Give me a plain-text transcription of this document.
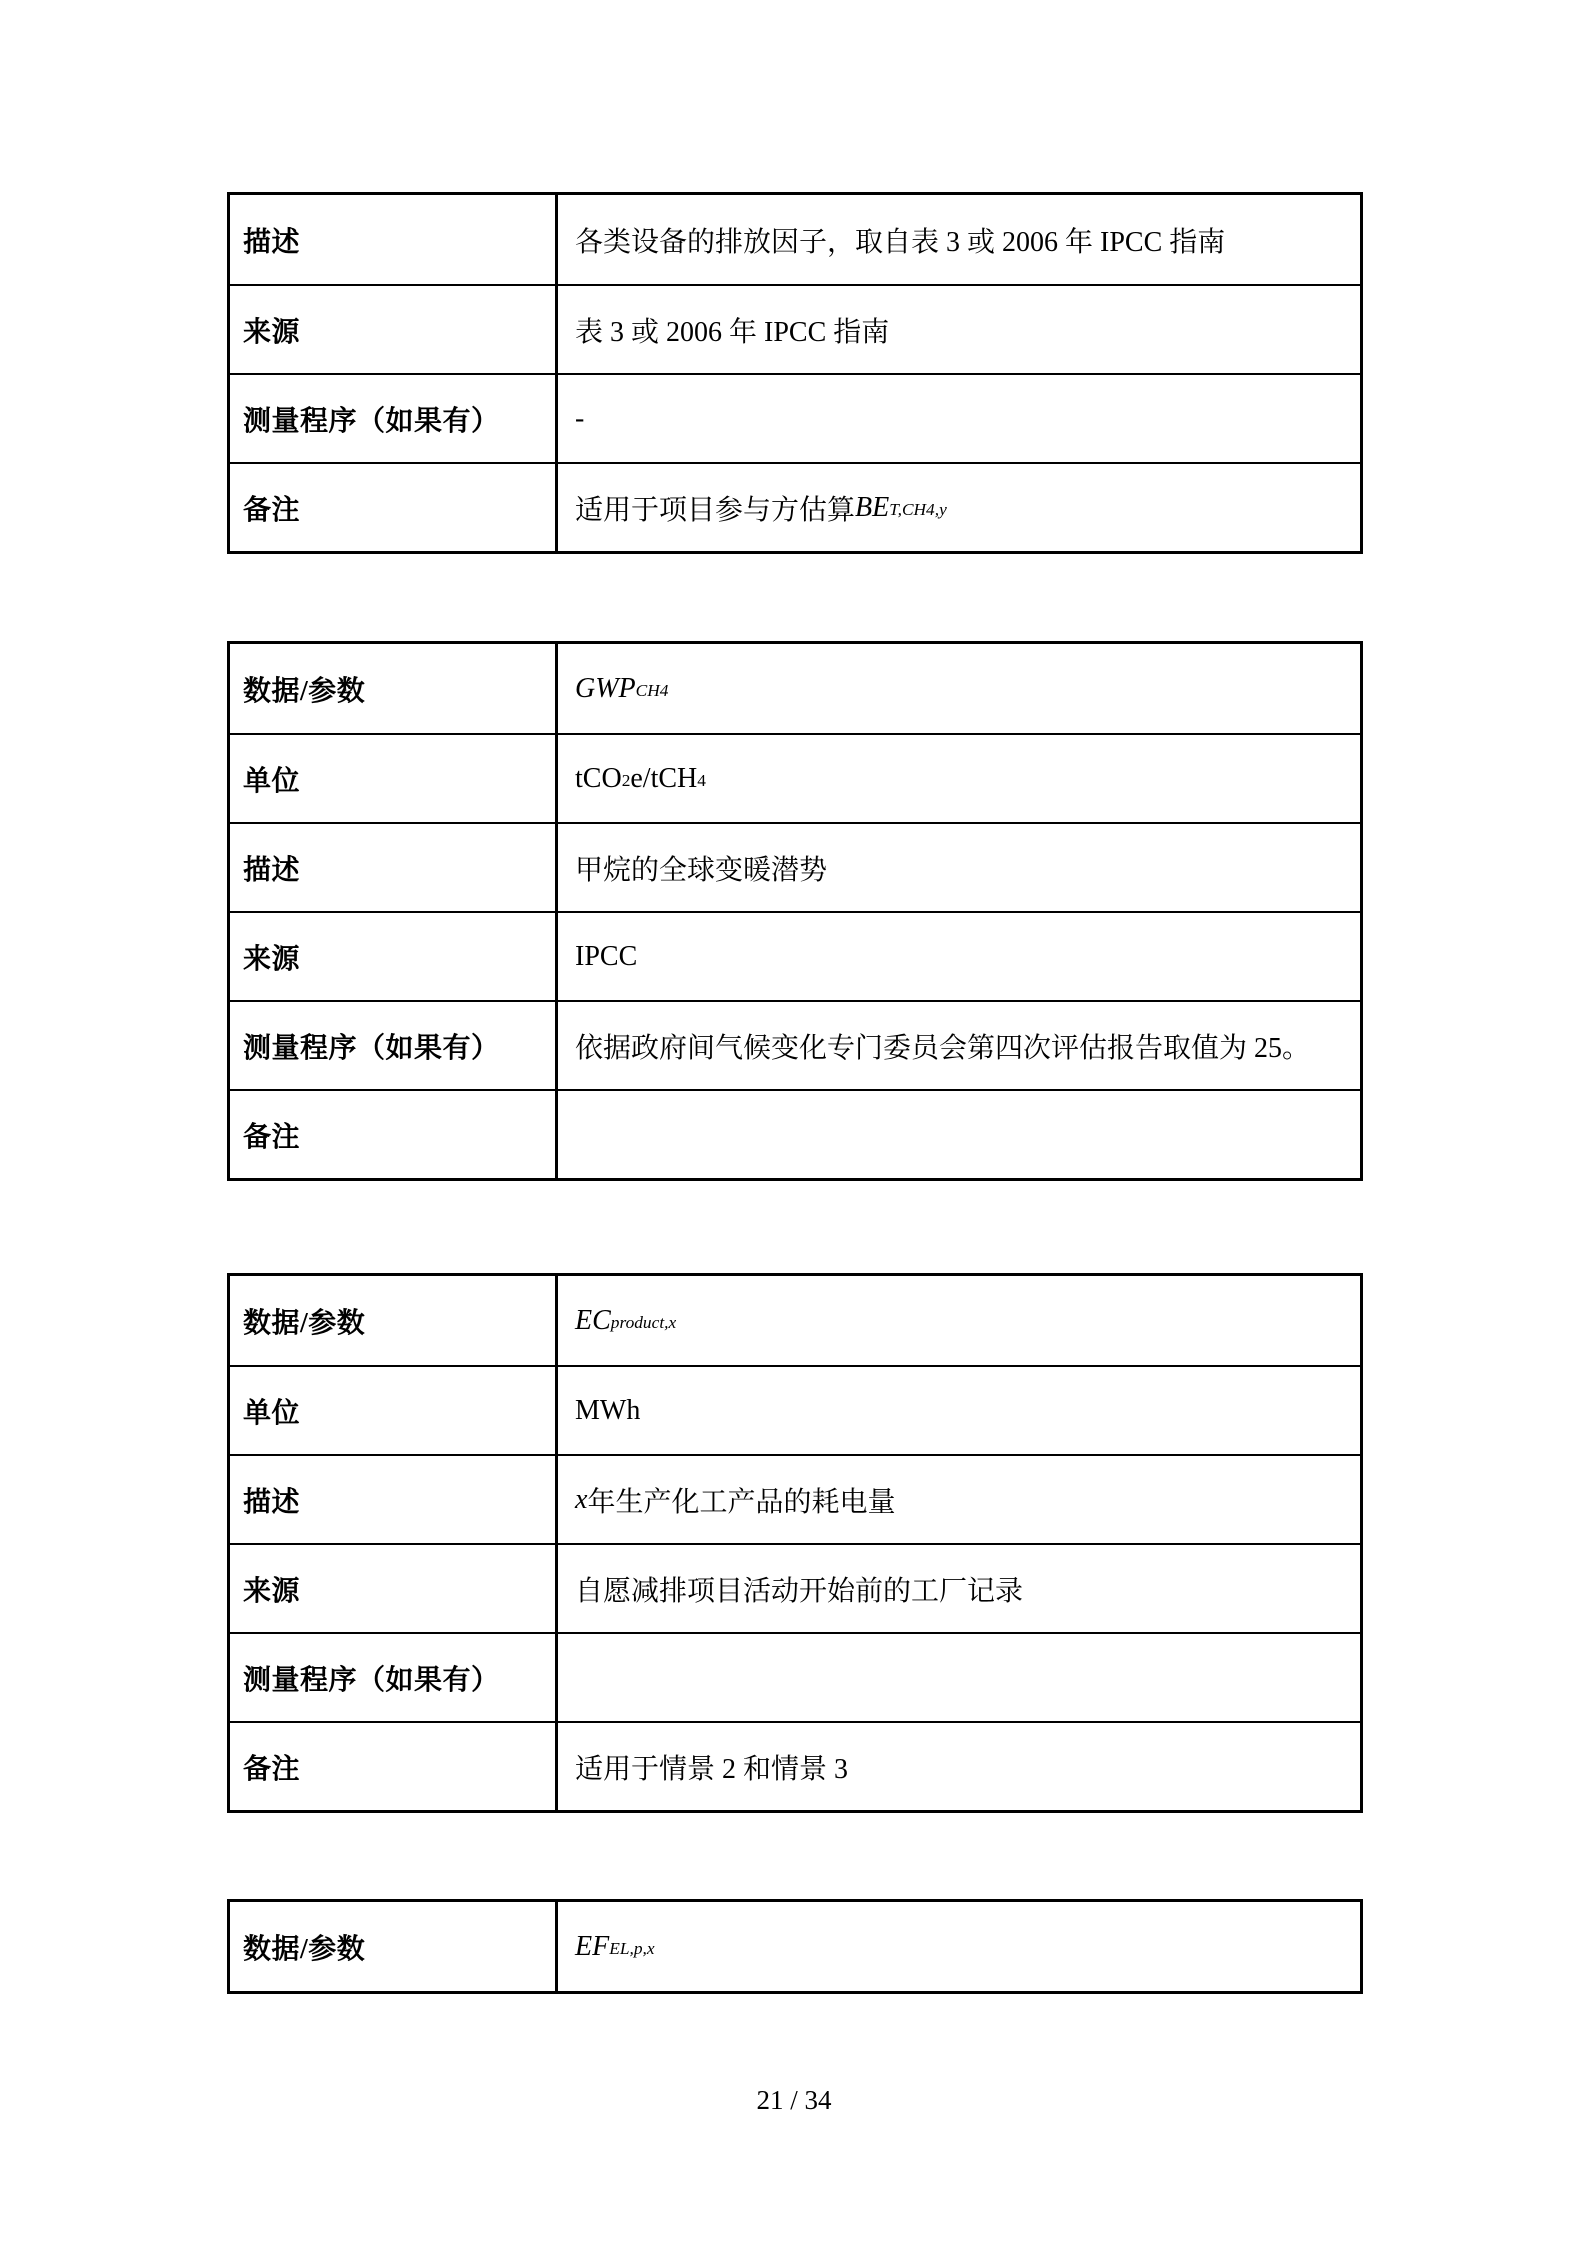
描述	各类设备的排放因子，取自表 3 或 2006 年 IPCC 指南
来源	表 3 或 2006 年 IPCC 指南
测量程序（如果有）	-
备注	适用于项目参与方估算 BE T,CH4,y
数据/参数	GWP CH4
单位	tCO 2 e/tCH 4
描述	甲烷的全球变暖潜势
来源	IPCC
测量程序（如果有）	依据政府间气候变化专门委员会第四次评估报告取值为 25。
备注
数据/参数	EC product,x
单位	MWh
描述	x 年生产化工产品的耗电量
来源	自愿减排项目活动开始前的工厂记录
测量程序（如果有）
备注	适用于情景 2 和情景 3
数据/参数	EF EL,p,x
21 / 34
